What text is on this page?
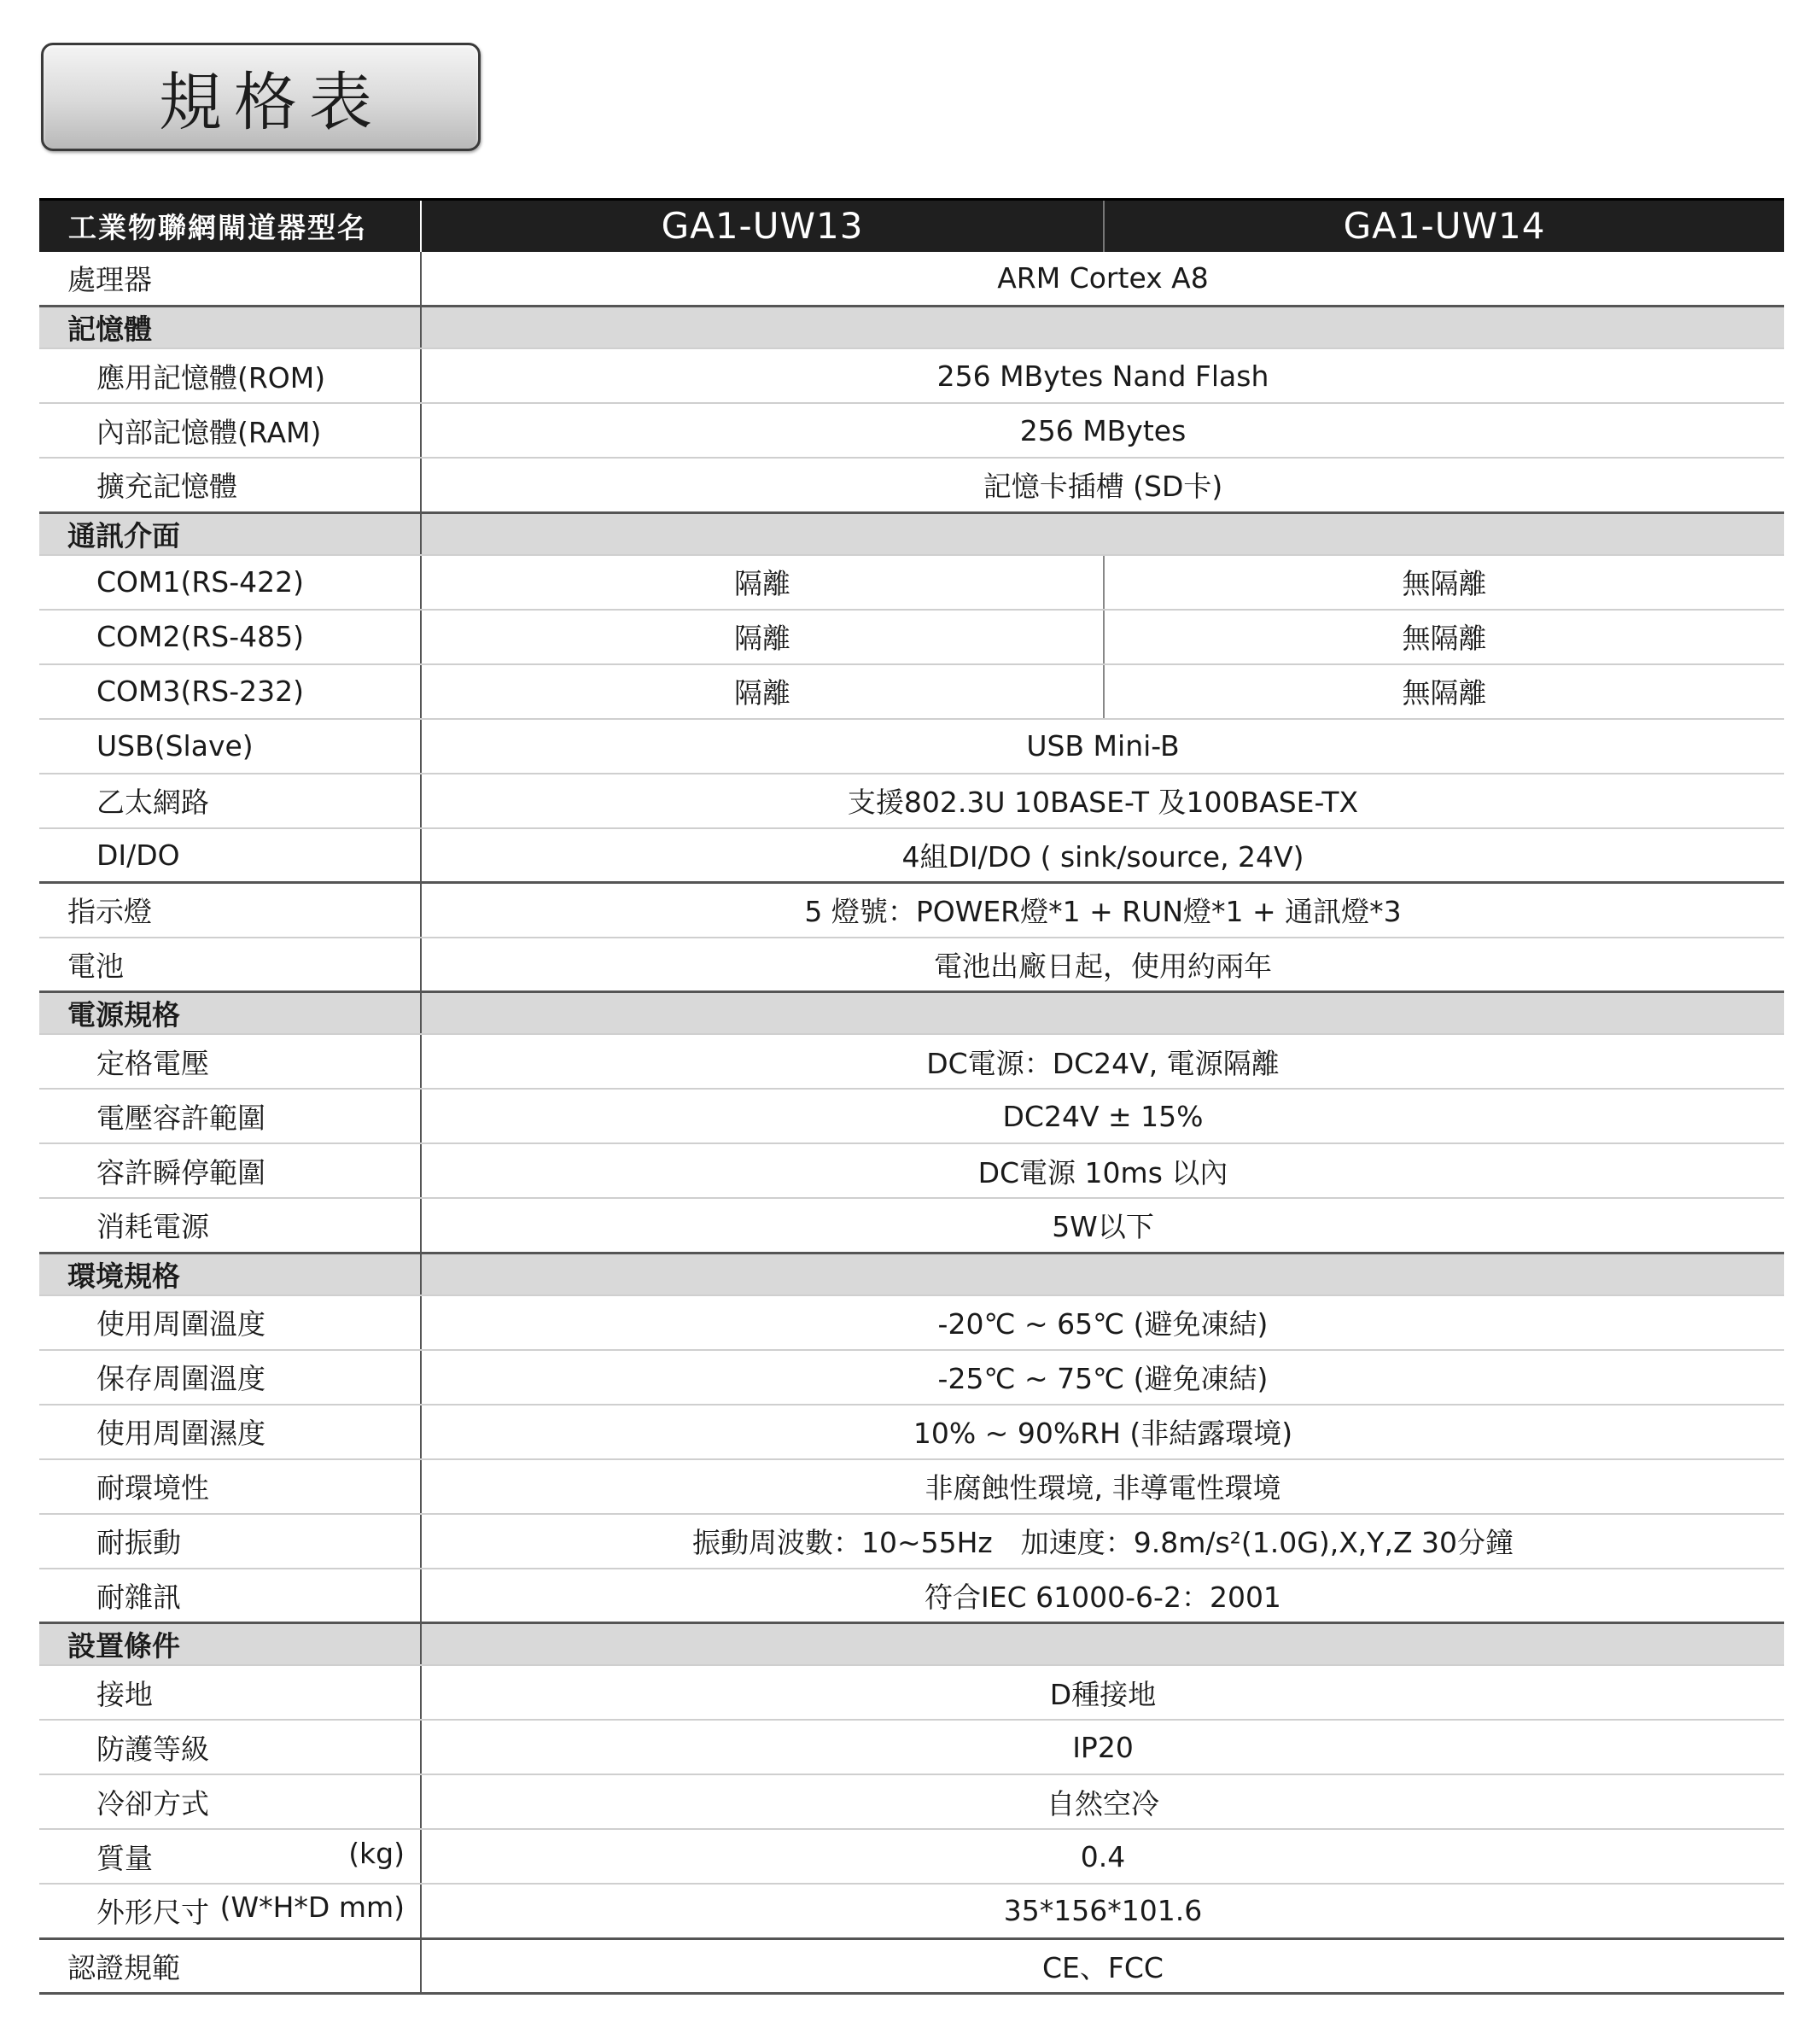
規格表
工業物聯網閘道器型名	GA1-UW13	GA1-UW14
處理器	ARM Cortex A8	
記憶體		
應用記憶體(ROM)	256 MBytes Nand Flash	
內部記憶體(RAM)	256 MBytes	
擴充記憶體	記憶卡插槽 (SD卡)	
通訊介面		
COM1(RS-422)	隔離	無隔離
COM2(RS-485)	隔離	無隔離
COM3(RS-232)	隔離	無隔離
USB(Slave)	USB Mini-B	
乙太網路	支援802.3U 10BASE-T 及100BASE-TX	
DI/DO	4組DI/DO ( sink/source, 24V)	
指示燈	5 燈號：POWER燈*1 + RUN燈*1 + 通訊燈*3	
電池	電池出廠日起，使用約兩年	
電源規格		
定格電壓	DC電源：DC24V, 電源隔離	
電壓容許範圍	DC24V ± 15%	
容許瞬停範圍	DC電源 10ms 以內	
消耗電源	5W以下	
環境規格		
使用周圍溫度	-20℃ ~ 65℃ (避免凍結)	
保存周圍溫度	-25℃ ~ 75℃ (避免凍結)	
使用周圍濕度	10% ~ 90%RH (非結露環境)	
耐環境性	非腐蝕性環境, 非導電性環境	
耐振動	振動周波數：10~55Hz　加速度：9.8m/s²(1.0G),X,Y,Z 30分鐘	
耐雜訊	符合IEC 61000-6-2：2001	
設置條件		
接地	D種接地	
防護等級	IP20	
冷卻方式	自然空冷	

質量 (kg)	0.4	

外形尺寸 (W*H*D mm)	35*156*101.6	
認證規範	CE、FCC	
